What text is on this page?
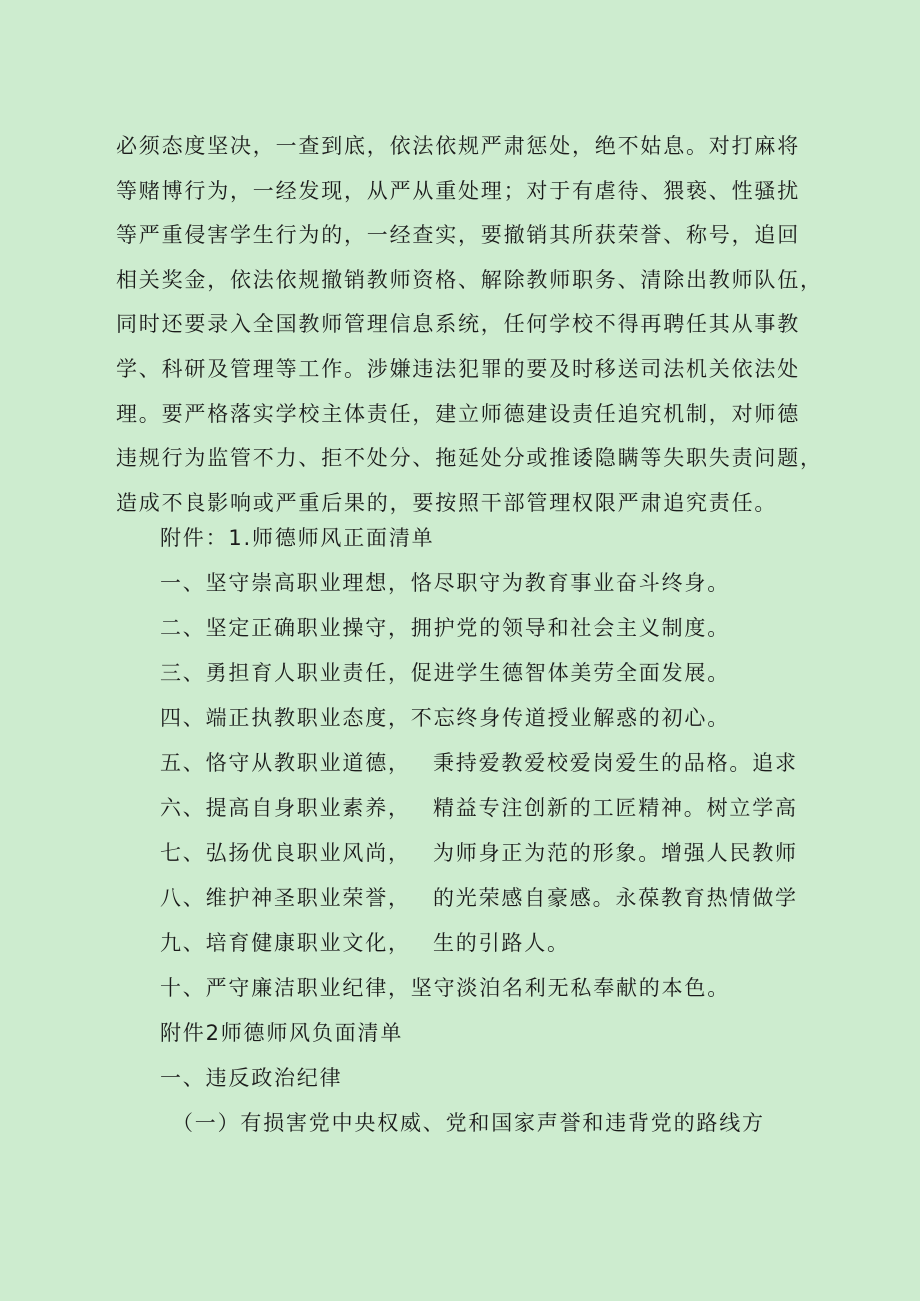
必须态度坚决，一查到底，依法依规严肃惩处，绝不姑息。对打麻将
等赌博行为，一经发现，从严从重处理；对于有虐待、猥亵、性骚扰
等严重侵害学生行为的，一经查实，要撤销其所获荣誉、称号，追回
相关奖金，依法依规撤销教师资格、解除教师职务、清除出教师队伍，
同时还要录入全国教师管理信息系统，任何学校不得再聘任其从事教
学、科研及管理等工作。涉嫌违法犯罪的要及时移送司法机关依法处
理。要严格落实学校主体责任，建立师德建设责任追究机制，对师德
违规行为监管不力、拒不处分、拖延处分或推诿隐瞒等失职失责问题，
造成不良影响或严重后果的，要按照干部管理权限严肃追究责任。
附件：1.师德师风正面清单
一、坚守崇高职业理想，恪尽职守为教育事业奋斗终身。
二、坚定正确职业操守，拥护党的领导和社会主义制度。
三、勇担育人职业责任，促进学生德智体美劳全面发展。
四、端正执教职业态度，不忘终身传道授业解惑的初心。
五、恪守从教职业道德，
六、提高自身职业素养，
七、弘扬优良职业风尚，
八、维护神圣职业荣誉，
九、培育健康职业文化，
十、严守廉洁职业纪律，坚守淡泊名利无私奉献的本色。
秉持爱教爱校爱岗爱生的品格。追求
精益专注创新的工匠精神。树立学高
为师身正为范的形象。增强人民教师
的光荣感自豪感。永葆教育热情做学
生的引路人。
附件2师德师风负面清单
一、违反政治纪律
（一）有损害党中央权威、党和国家声誉和违背党的路线方
